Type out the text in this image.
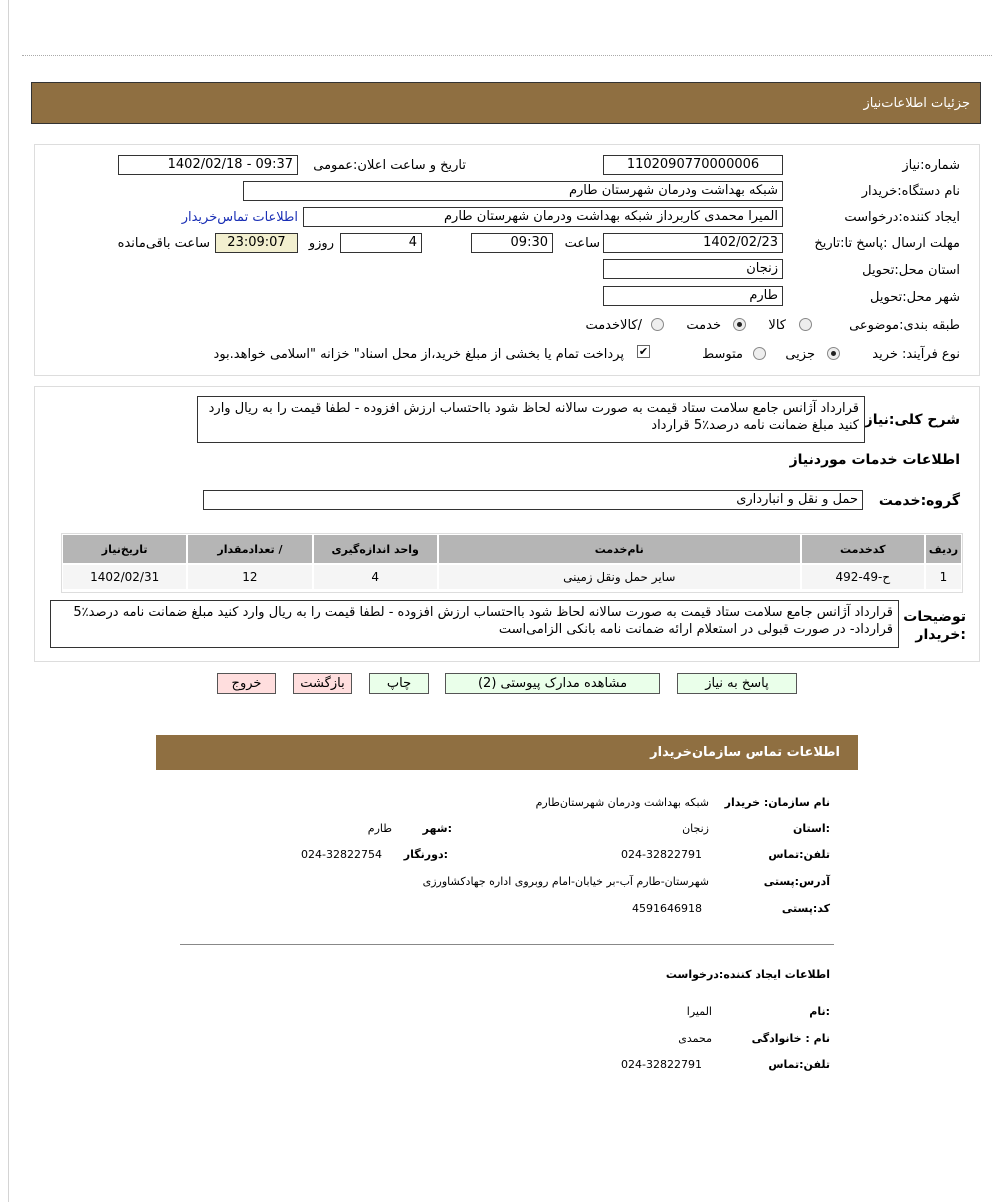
جزئیات اطلاعات‌نیاز
شماره:نیاز
1102090770000006
تاریخ و ساعت اعلان:عمومی
1402/02/18 - 09:37
نام دستگاه:خریدار
شبکه بهداشت ودرمان شهرستان طارم
ایجاد کننده:درخواست
المیرا محمدی کاربرداز شبکه بهداشت ودرمان شهرستان طارم
اطلاعات تماس‌خریدار
مهلت ارسال :پاسخ تا:تاریخ
1402/02/23
ساعت
09:30
4
روزو
23:09:07
ساعت باقی‌مانده
استان محل:تحویل
زنجان
شهر محل:تحویل
طارم
طبقه بندی:موضوعی
کالا
خدمت
/کالاخدمت
نوع فرآیند: خرید
جزیی
متوسط
✔
پرداخت تمام یا بخشی از مبلغ خرید،از محل اسناد" خزانه "اسلامی خواهد.بود
شرح کلی:نیاز
قرارداد آژانس جامع سلامت ستاد قیمت به صورت سالانه لحاظ شود بااحتساب ارزش افزوده - لطفا قیمت را به ریال وارد کنید مبلغ ضمانت نامه درصد٪5 قرارداد
اطلاعات خدمات موردنیاز
گروه:خدمت
حمل و نقل و انبارداری
ردیف	کدخدمت	نام‌خدمت	واحد اندازه‌گیری	/ تعدادمقدار	تاریخ‌نیاز
1	ح-49-492	سایر حمل ونقل زمینی	4	12	1402/02/31
توضیحات :خریدار
قرارداد آژانس جامع سلامت ستاد قیمت به صورت سالانه لحاظ شود بااحتساب ارزش افزوده - لطفا قیمت را به ریال وارد کنید مبلغ ضمانت نامه درصد٪5 قرارداد- در صورت قبولی در استعلام ارائه ضمانت نامه بانکی الزامی‌است
پاسخ به نیاز
مشاهده مدارک پیوستی (2)
چاپ
بازگشت
خروج
اطلاعات تماس سازمان‌خریدار
نام سازمان: خریدار
شبکه بهداشت ودرمان شهرستان‌طارم
:استان
زنجان
:شهر
طارم
تلفن:تماس
024-32822791
:دورنگار
024-32822754
آدرس:پستی
شهرستان-طارم آب-بر خیابان-امام روبروی اداره جهادکشاورزی
کد:پستی
4591646918
اطلاعات ایجاد کننده:درخواست
:نام
المیرا
نام : خانوادگی
محمدی
تلفن:تماس
024-32822791
